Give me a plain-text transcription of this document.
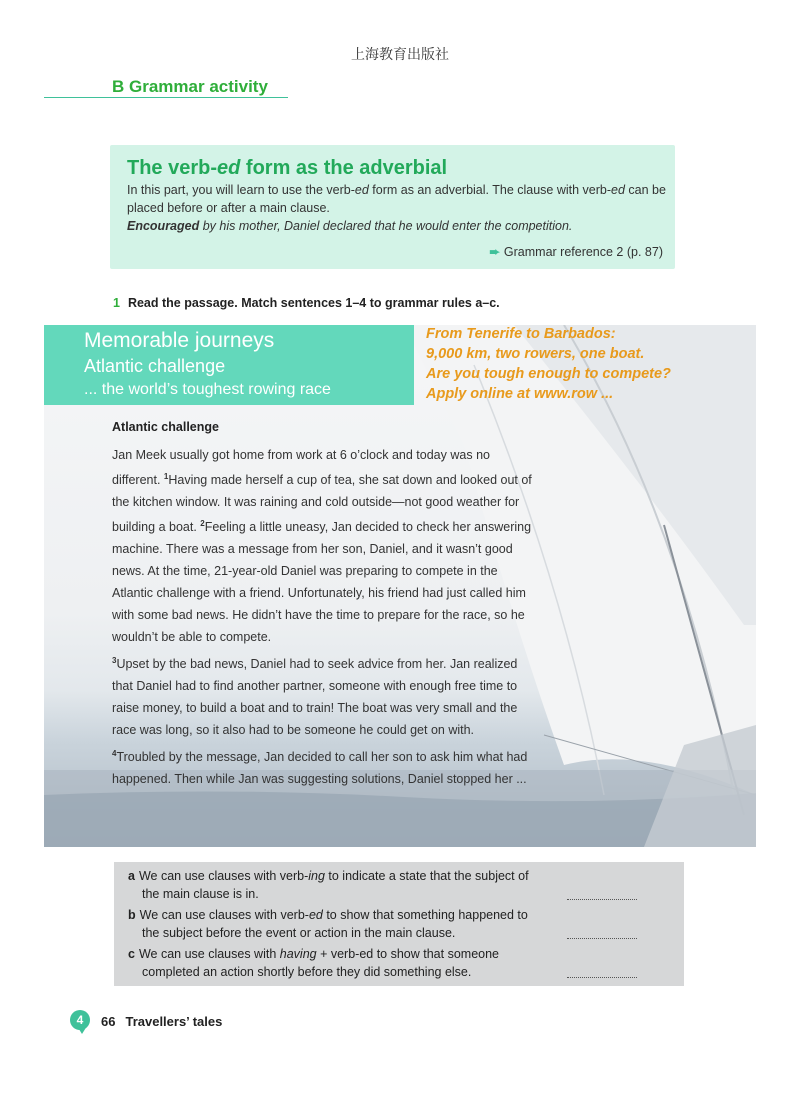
上海教育出版社
B Grammar activity
The verb-ed form as the adverbial
In this part, you will learn to use the verb-ed form as an adverbial. The clause with verb-ed can be placed before or after a main clause.
Encouraged by his mother, Daniel declared that he would enter the competition.
➨ Grammar reference 2 (p. 87)
1 Read the passage. Match sentences 1–4 to grammar rules a–c.
Memorable journeys
Atlantic challenge
... the world’s toughest rowing race
From Tenerife to Barbados:
9,000 km, two rowers, one boat.
Are you tough enough to compete?
Apply online at www.row ...
Atlantic challenge

Jan Meek usually got home from work at 6 o’clock and today was no different. $^1$Having made herself a cup of tea, she sat down and looked out of the kitchen window. It was raining and cold outside—not good weather for building a boat. $^2$Feeling a little uneasy, Jan decided to check her answering machine. There was a message from her son, Daniel, and it wasn’t good news. At the time, 21-year-old Daniel was preparing to compete in the Atlantic challenge with a friend. Unfortunately, his friend had just called him with some bad news. He didn’t have the time to prepare for the race, so he wouldn’t be able to compete.

$^3$Upset by the bad news, Daniel had to seek advice from her. Jan realized that Daniel had to find another partner, someone with enough free time to raise money, to build a boat and to train! The boat was very small and the race was long, so it also had to be someone he could get on with.

$^4$Troubled by the message, Jan decided to call her son to ask him what had happened. Then while Jan was suggesting solutions, Daniel stopped her ...

a We can use clauses with verb-ing to indicate a state that the subject of
the main clause is in.
b We can use clauses with verb-ed to show that something happened to
the subject before the event or action in the main clause.
c We can use clauses with having + verb-ed to show that someone
completed an action shortly before they did something else.
4	66 Travellers’ tales
